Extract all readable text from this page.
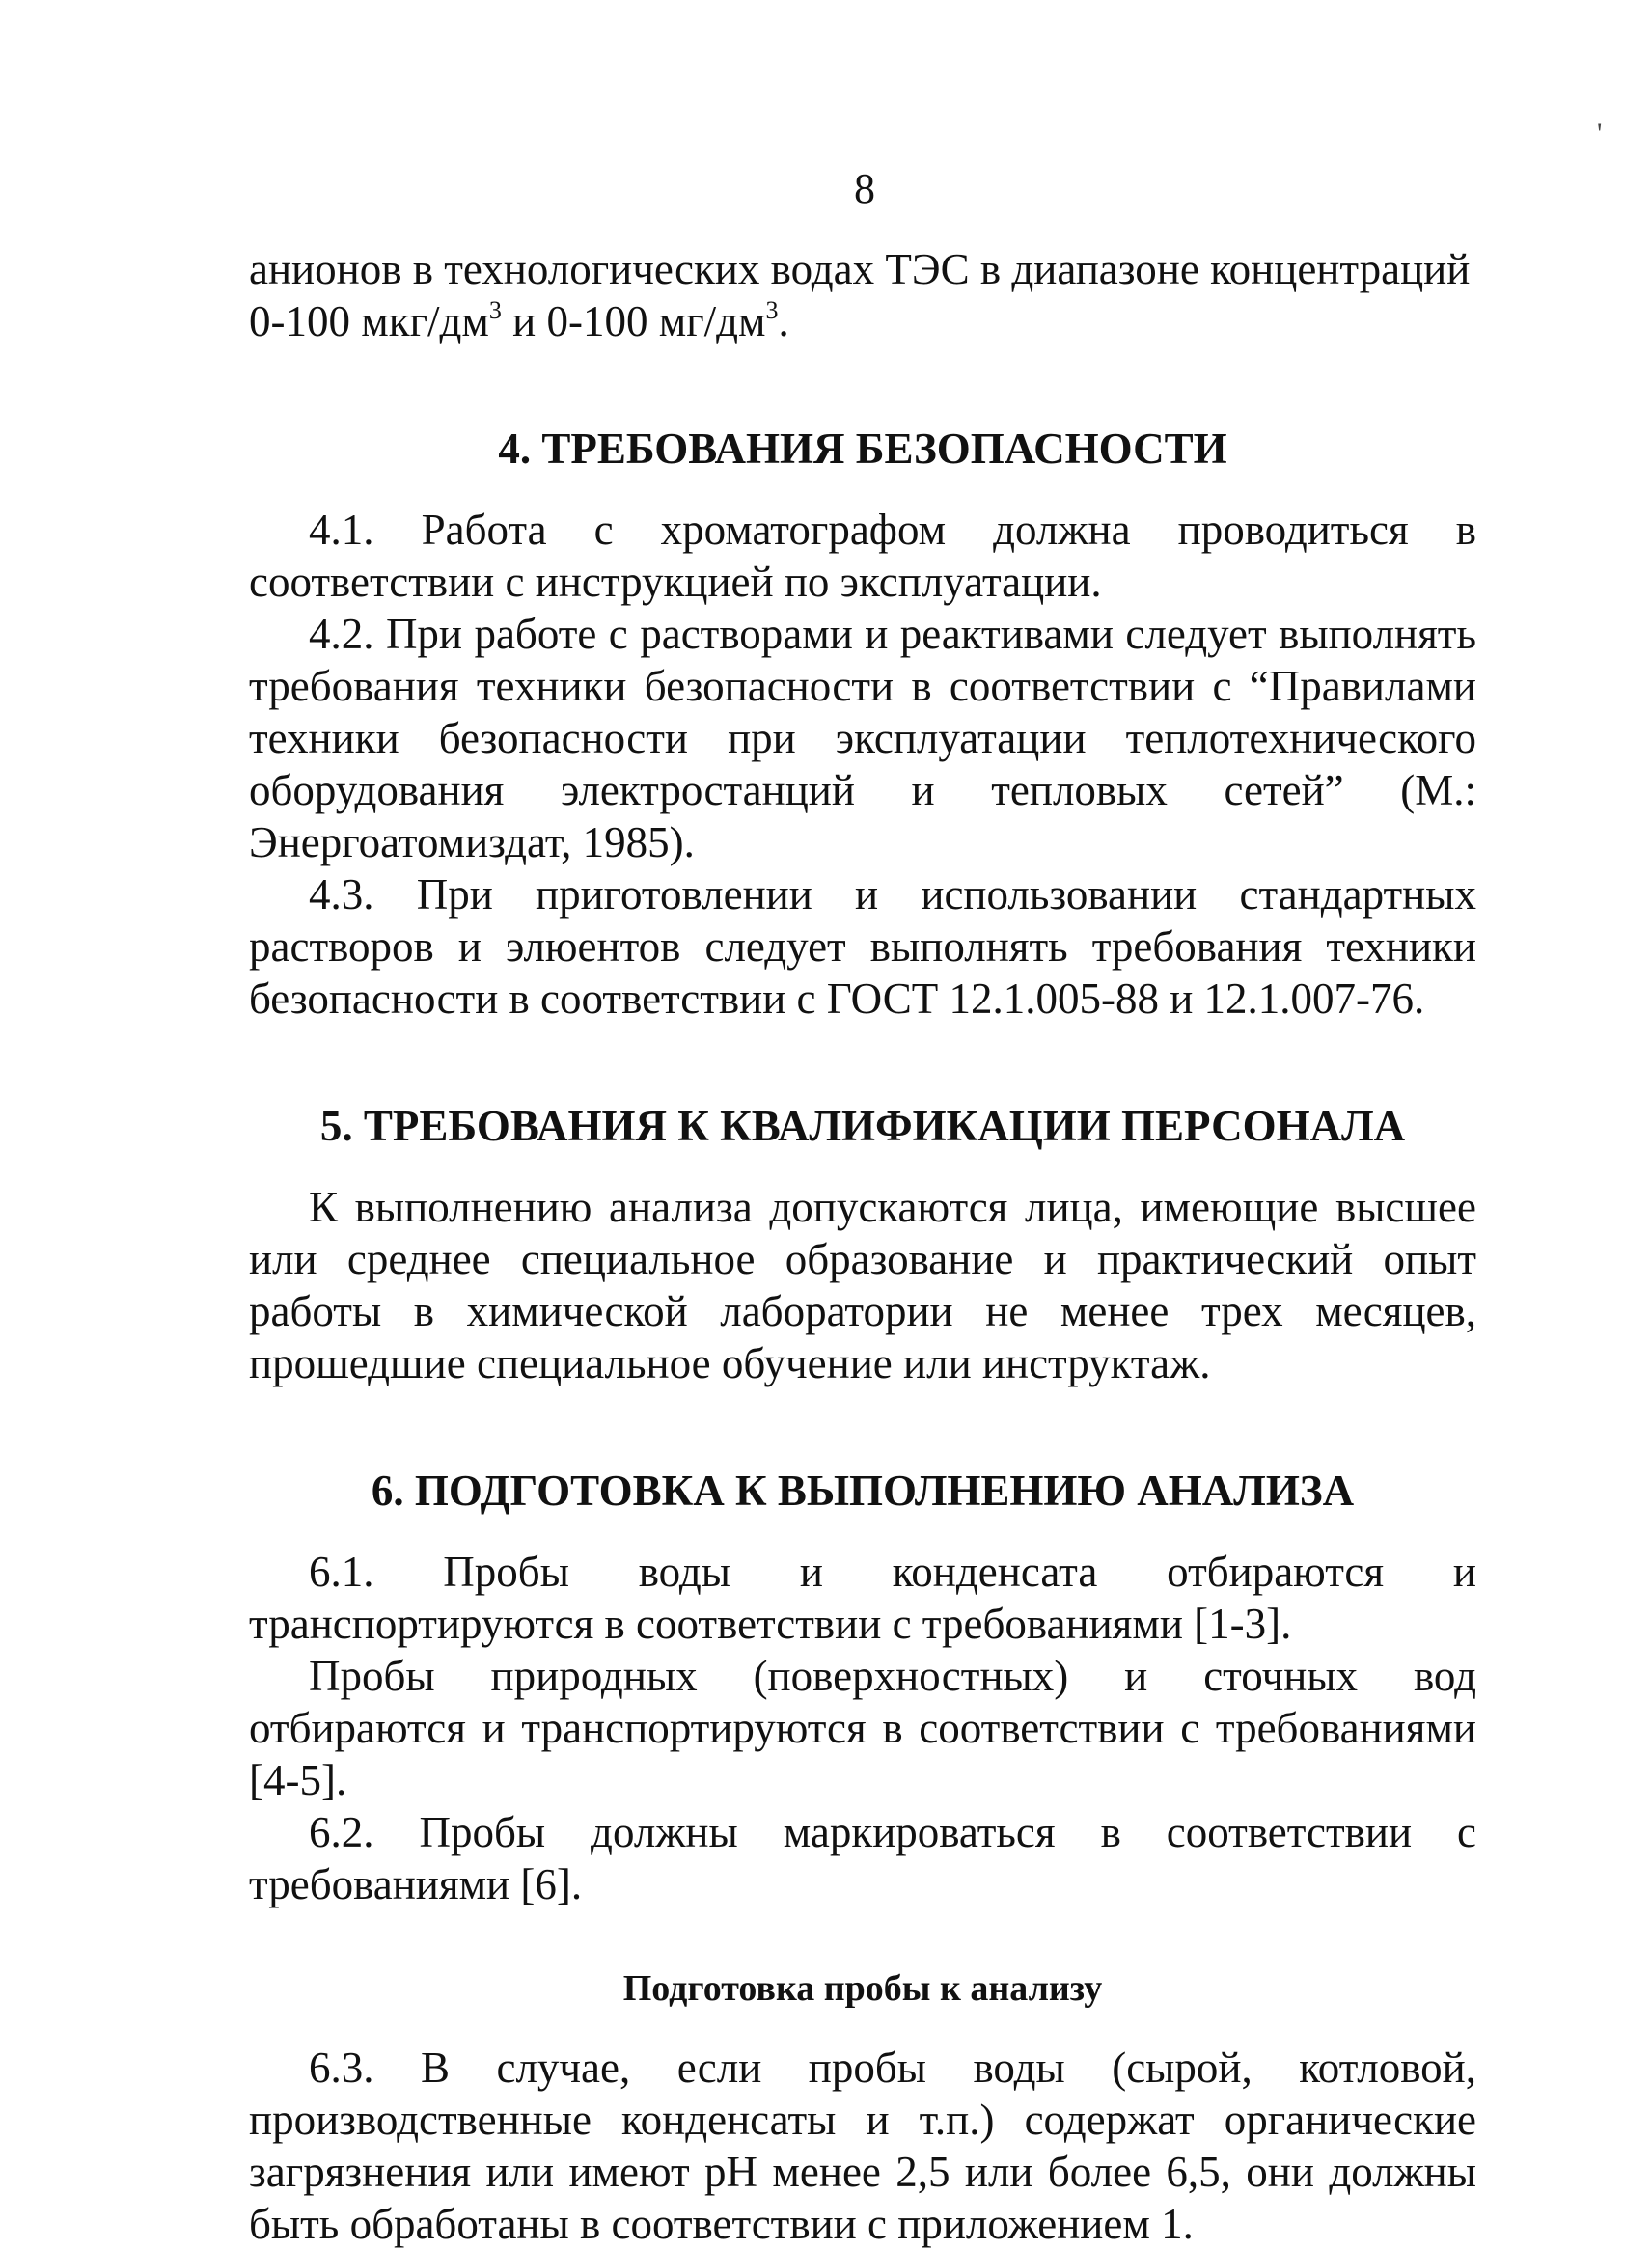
8
'

анионов в технологических водах ТЭС в диапазоне концентраций

0-100 мкг/$дм^3$ и 0-100 $мг/дм^3$.

4. ТРЕБОВАНИЯ БЕЗОПАСНОСТИ

4.1. Работа с хроматографом должна проводиться в соответствии с инструкцией по эксплуатации.

4.2. При работе с растворами и реактивами следует выполнять требования техники безопасности в соответствии с “Правилами техники безопасности при эксплуатации теплотехнического оборудования электростанций и тепловых сетей” (М.: Энергоатомиздат, 1985).

4.3. При приготовлении и использовании стандартных растворов и элюентов следует выполнять требования техники безопасности в соответствии с ГОСТ 12.1.005-88 и 12.1.007-76.

5. ТРЕБОВАНИЯ К КВАЛИФИКАЦИИ ПЕРСОНАЛА

К выполнению анализа допускаются лица, имеющие высшее или среднее специальное образование и практический опыт работы в химической лаборатории не менее трех месяцев, прошедшие специальное обучение или инструктаж.

6. ПОДГОТОВКА К ВЫПОЛНЕНИЮ АНАЛИЗА

6.1. Пробы воды и конденсата отбираются и транспортируются в соответствии с требованиями [1-3].

Пробы природных (поверхностных) и сточных вод отбираются и транспортируются в соответствии с требованиями [4-5].

6.2. Пробы должны маркироваться в соответствии с требованиями [6].

Подготовка пробы к анализу

6.3. В случае, если пробы воды (сырой, котловой, производственные конденсаты и т.п.) содержат органические загрязнения или имеют pH менее 2,5 или более 6,5, они должны быть обработаны в соответствии с приложением 1.
